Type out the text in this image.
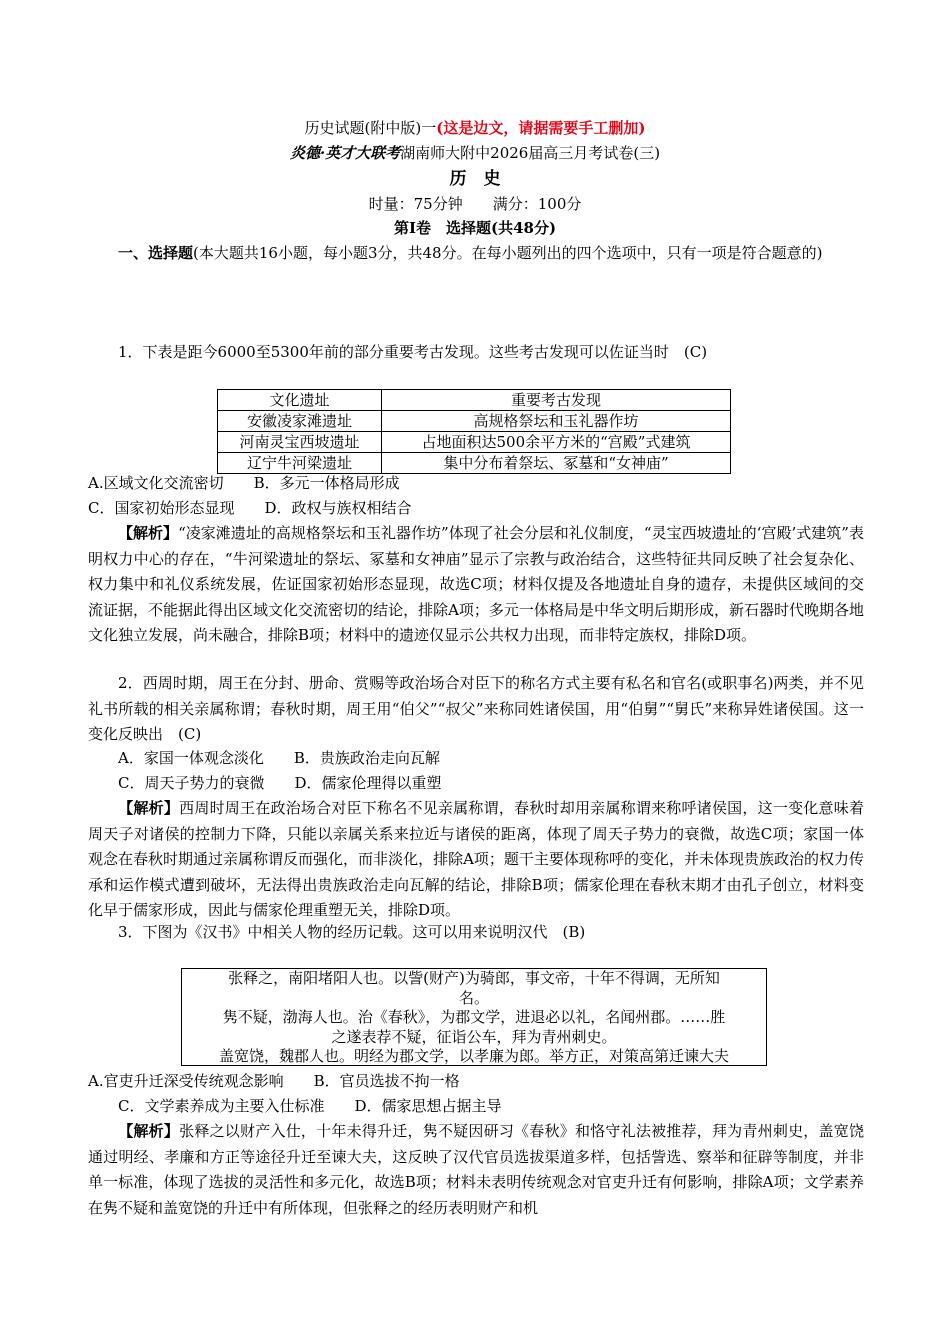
历史试题(附中版)一(这是边文，请据需要手工删加)
炎德·英才大联考湖南师大附中2026届高三月考试卷(三)
历　史
时量：75分钟　　满分：100分
第Ⅰ卷　选择题(共48分)
一、选择题(本大题共16小题，每小题3分，共48分。在每小题列出的四个选项中，只有一项是符合题意的)
1．下表是距今6000至5300年前的部分重要考古发现。这些考古发现可以佐证当时　(C)
文化遗址	重要考古发现
安徽凌家滩遗址	高规格祭坛和玉礼器作坊
河南灵宝西坡遗址	占地面积达500余平方米的“宫殿”式建筑
辽宁牛河梁遗址	集中分布着祭坛、冢墓和“女神庙”
A.区域文化交流密切　　B．多元一体格局形成
C．国家初始形态显现　　D．政权与族权相结合
【解析】“凌家滩遗址的高规格祭坛和玉礼器作坊”体现了社会分层和礼仪制度，“灵宝西坡遗址的‘宫殿’式建筑”表明权力中心的存在，“牛河梁遗址的祭坛、冢墓和女神庙”显示了宗教与政治结合，这些特征共同反映了社会复杂化、权力集中和礼仪系统发展，佐证国家初始形态显现，故选C项；材料仅提及各地遗址自身的遗存，未提供区域间的交流证据，不能据此得出区域文化交流密切的结论，排除A项；多元一体格局是中华文明后期形成，新石器时代晚期各地文化独立发展，尚未融合，排除B项；材料中的遗迹仅显示公共权力出现，而非特定族权，排除D项。
2．西周时期，周王在分封、册命、赏赐等政治场合对臣下的称名方式主要有私名和官名(或职事名)两类，并不见礼书所载的相关亲属称谓；春秋时期，周王用“伯父”“叔父”来称同姓诸侯国，用“伯舅”“舅氏”来称异姓诸侯国。这一变化反映出　(C)
A．家国一体观念淡化　　B．贵族政治走向瓦解
C．周天子势力的衰微　　D．儒家伦理得以重塑
【解析】西周时周王在政治场合对臣下称名不见亲属称谓，春秋时却用亲属称谓来称呼诸侯国，这一变化意味着周天子对诸侯的控制力下降，只能以亲属关系来拉近与诸侯的距离，体现了周天子势力的衰微，故选C项；家国一体观念在春秋时期通过亲属称谓反而强化，而非淡化，排除A项；题干主要体现称呼的变化，并未体现贵族政治的权力传承和运作模式遭到破坏，无法得出贵族政治走向瓦解的结论，排除B项；儒家伦理在春秋末期才由孔子创立，材料变化早于儒家形成，因此与儒家伦理重塑无关，排除D项。
3．下图为《汉书》中相关人物的经历记载。这可以用来说明汉代　(B)
张释之，南阳堵阳人也。以訾(财产)为骑郎，事文帝，十年不得调，无所知
名。
隽不疑，渤海人也。治《春秋》，为郡文学，进退必以礼，名闻州郡。……胜
之遂表荐不疑，征诣公车，拜为青州刺史。
盖宽饶，魏郡人也。明经为郡文学，以孝廉为郎。举方正，对策高第迁谏大夫
A.官吏升迁深受传统观念影响　　B．官员选拔不拘一格
C．文学素养成为主要入仕标准　　D．儒家思想占据主导
【解析】张释之以财产入仕，十年未得升迁，隽不疑因研习《春秋》和恪守礼法被推荐，拜为青州刺史，盖宽饶通过明经、孝廉和方正等途径升迁至谏大夫，这反映了汉代官员选拔渠道多样，包括訾选、察举和征辟等制度，并非单一标准，体现了选拔的灵活性和多元化，故选B项；材料未表明传统观念对官吏升迁有何影响，排除A项；文学素养在隽不疑和盖宽饶的升迁中有所体现，但张释之的经历表明财产和机
